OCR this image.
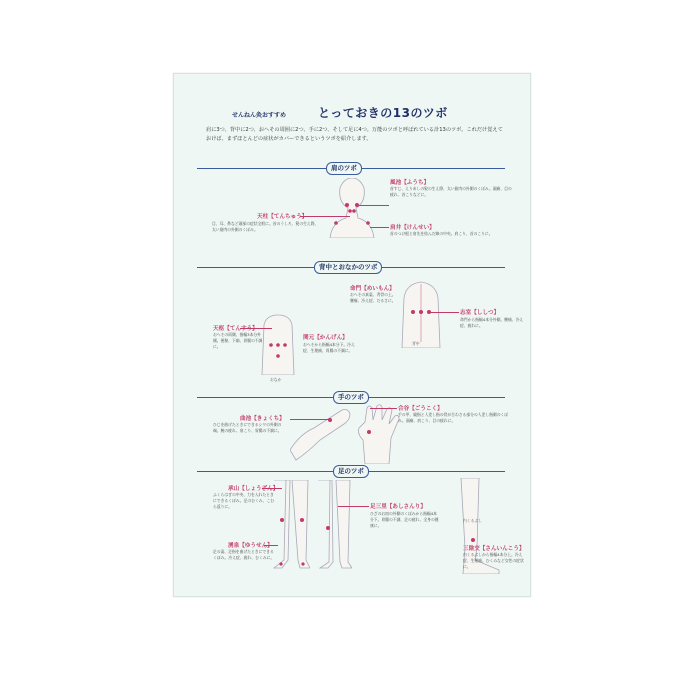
せんねん灸おすすめ	とっておきの13のツボ
肩に3つ、背中に2つ、おへその周囲に2つ、手に2つ、そして足に4つ。万能のツボと呼ばれている計13のツボ。これだけ覚えておけば、まずほとんどの症状がカバーできるというツボを紹介します。
肩のツボ
風池【ふうち】
首すじ、えりあしの髪の生え際、太い筋肉の外側のくぼみ。頭痛、目の疲れ、首こりなどに。
天柱【てんちゅう】
目、耳、鼻など頭部の症状全般に。首のうしろ、髪の生え際、太い筋肉の外側のくぼみ。	肩井【けんせい】
首のつけ根と肩先を結んだ線の中央。肩こり、首のこりに。
背中とおなかのツボ
背中
おなか
命門【めいもん】
おへその真裏、背骨の上。腰痛、冷え症、だるさに。
志室【ししつ】
命門から指幅4本分外側。腰痛、冷え症、疲れに。
天枢【てんすう】
おへその両側、指幅3本分外側。便秘、下痢、胃腸の不調に。
関元【かんげん】
おへそから指幅4本分下。冷え症、生理痛、胃腸の不調に。
手のツボ
曲池【きょくち】
ひじを曲げたときにできるシワの外側の端。腕の疲れ、肩こり、胃腸の不調に。
合谷【ごうこく】
手の甲、親指と人差し指の骨が合わさる部分の人差し指側のくぼみ。頭痛、肩こり、目の疲れに。
足のツボ
内くるぶし
承山【しょうざん】
ふくらはぎの中央、力を入れたときにできるくぼみ。足のむくみ、こむら返りに。
湧泉【ゆうせん】
足の裏、足指を曲げたときにできるくぼみ。冷え症、疲れ、むくみに。
足三里【あしさんり】
ひざのお皿の外側のくぼみから指幅4本分下。胃腸の不調、足の疲れ、全身の健康に。
三陰交【さんいんこう】
内くるぶしから指幅4本分上。冷え症、生理痛、むくみなど女性の症状に。
